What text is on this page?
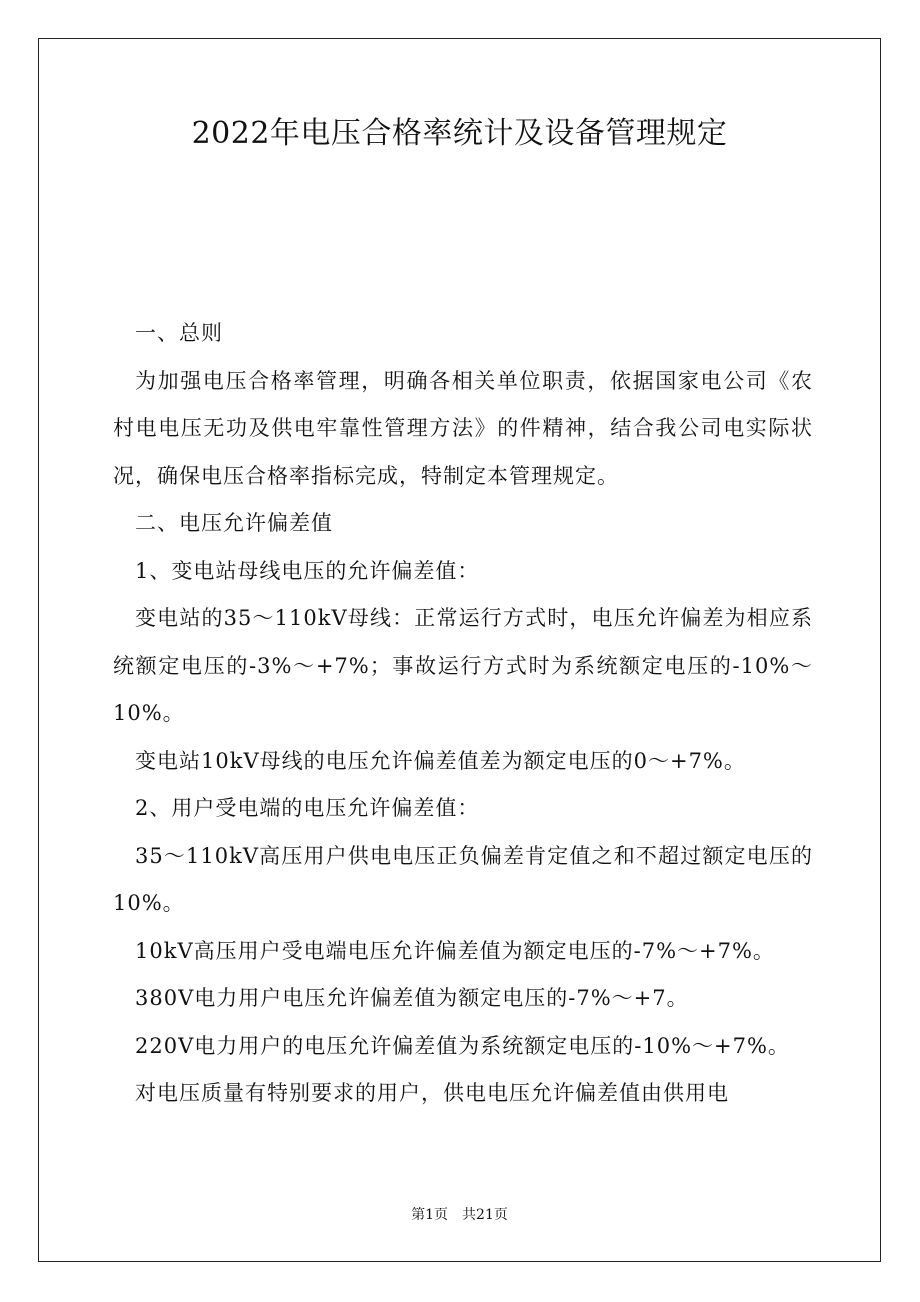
2022年电压合格率统计及设备管理规定

一、总则

为加强电压合格率管理，明确各相关单位职责，依据国家电公司《农村电电压无功及供电牢靠性管理方法》的件精神，结合我公司电实际状况，确保电压合格率指标完成，特制定本管理规定。

二、电压允许偏差值

1、变电站母线电压的允许偏差值：

变电站的35～110kV母线：正常运行方式时，电压允许偏差为相应系统额定电压的-3%～+7%；事故运行方式时为系统额定电压的-10%～10%。

变电站10kV母线的电压允许偏差值差为额定电压的0～+7%。

2、用户受电端的电压允许偏差值：

35～110kV高压用户供电电压正负偏差肯定值之和不超过额定电压的10%。

10kV高压用户受电端电压允许偏差值为额定电压的-7%～+7%。

380V电力用户电压允许偏差值为额定电压的-7%～+7。

220V电力用户的电压允许偏差值为系统额定电压的-10%～+7%。

对电压质量有特别要求的用户，供电电压允许偏差值由供用电

第1页 共21页
